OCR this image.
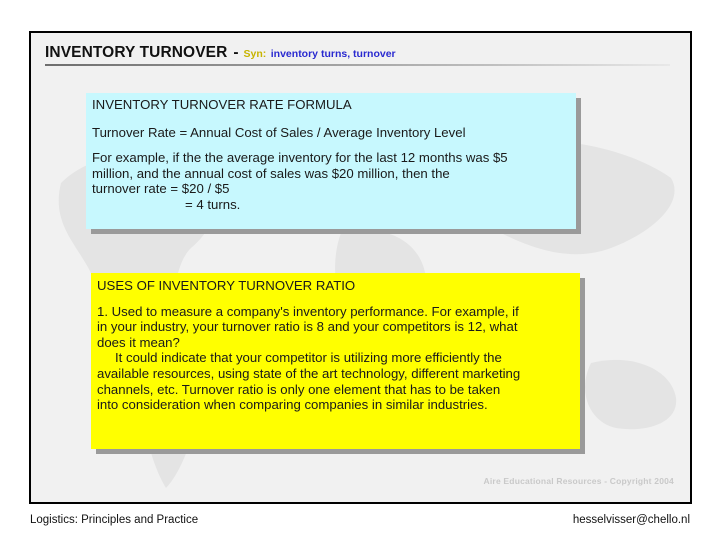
INVENTORY TURNOVER - Syn: inventory turns, turnover

INVENTORY TURNOVER RATE FORMULA

Turnover Rate = Annual Cost of Sales / Average Inventory Level

For example, if the the average inventory for the last 12 months was $5

million, and the annual cost of sales was $20 million, then the

turnover rate = $20 / $5

= 4 turns.

USES OF INVENTORY TURNOVER RATIO

1. Used to measure a company's inventory performance. For example, if

in your industry, your turnover ratio is 8 and your competitors is 12, what

does it mean?

It could indicate that your competitor is utilizing more efficiently the

available resources, using state of the art technology, different marketing

channels, etc. Turnover ratio is only one element that has to be taken

into consideration when comparing companies in similar industries.

Aire Educational Resources - Copyright 2004
Logistics: Principles and Practice	hesselvisser@chello.nl
